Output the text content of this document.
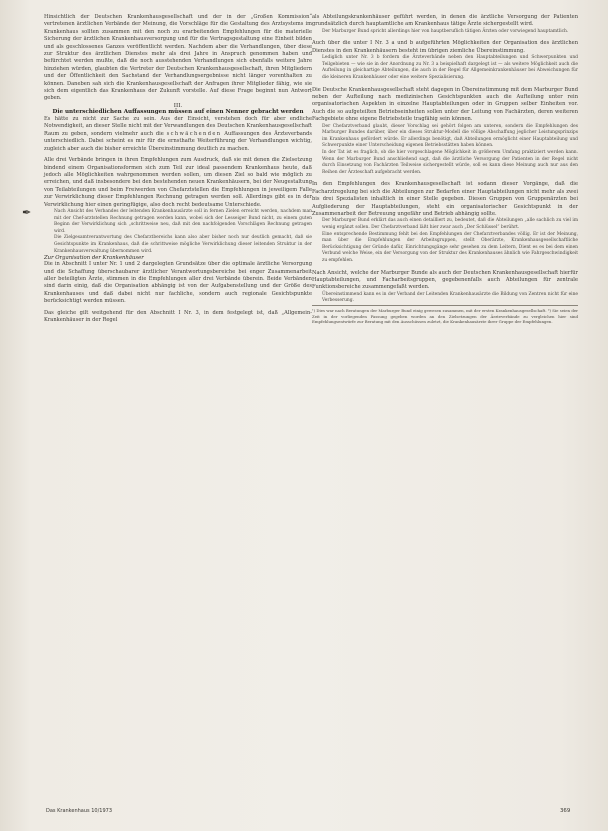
Hinsichtlich der Deutschen Krankenhausgesellschaft und der in der „Großen Kommission“ vertretenen ärztlichen Verbände der Meinung, die Vorschläge für die Gestaltung des Arztsystems im Krankenhaus sollten zusammen mit den noch zu erarbeitenden Empfehlungen für die materielle Sicherung der ärztlichen Krankenhausversorgung und für die Vertragsgestaltung eine Einheit bilden und als geschlossenes Ganzes veröffentlicht werden. Nachdem aber die Verhandlungen, über diese zur Struktur des ärztlichen Dienstes mehr als drei Jahre in Anspruch genommen haben und befürchtet werden mußte, daß die noch ausstehenden Verhandlungen sich ebenfalls weitere Jahre hinziehen würden, glaubten die Vertreter der Deutschen Krankenhausgesellschaft, ihren Mitgliedern und der Öffentlichkeit den Sachstand der Verhandlungsergebnisse nicht länger vorenthalten zu können. Daneben sah sich die Krankenhausgesellschaft der Anfragen ihrer Mitglieder fähig, wie sie sich dem eigentlich das Krankenhaus der Zukunft vorstelle. Auf diese Frage beginnt nun Antwort geben.

III.
Die unterschiedlichen Auffassungen müssen auf einen Nenner gebracht werden

Es hätte zu nicht zur Sache zu sein. Aus der Einsicht, verstehen doch für aber endliche Notwendigkeit, an dieser Stelle nicht mit der Verwandlungen des Deutschen Krankenhausgesellschaft Raum zu geben, sondern vielmehr auch die schwächenden Auffassungen des Ärzteverbands unterschiedlich. Dabei scheint es mir für die ernsthafte Weiterführung der Verhandlungen wichtig, zugleich aber auch die bisher erreichte Übereinstimmung deutlich zu machen.

Alle drei Verbände bringen in ihren Empfehlungen zum Ausdruck, daß sie mit denen die Zielsetzung bindend einem Organisationsformen sich zum Teil zur ideal passendem Krankenhaus heute, daß jedoch alle Möglichkeiten wahrgenommen werden sollen, um diesen Ziel so bald wie möglich zu erreichen, und daß insbesondere bei den bestehenden neuen Krankenhäusern, bei der Neugestaltung von Teilabteilungen und beim Freiwerden von Chefarztstellen die Empfehlungen in jeweiligem Falle zur Verwirklichung dieser Empfehlungen Rechnung getragen werden soll. Allerdings gibt es in der Verwirklichung hier einen geringfügige, also doch recht bedeutsame Unterschiede.

✒	Nach Ansicht des Verbandes der leitenden Krankenhausärzte soll in fernen Zielen erreicht werden, nachdem man mit der Chef-arztstellen Rechnung getragen werden kann, wobei sich der Lesseiger Bund nicht, zu einem guten Beginn der Verwirklichung sich „schrittweise neu, daß mit den nachfolgenden Vorschlägen Rechnung getragen wird.

Die Zielgesamtverantwortung des Chefarztbereichs kann also aber bisher noch nur deutlich gemacht, daß sie Gesichtspunkte im Krankenhaus, daß die schrittweise mögliche Verwirklichung dieser leitenden Struktur in der Krankenhausverwaltung übernommen wird.

Zur Organisation der Krankenhäuser

Die in Abschnitt I unter Nr. 1 und 2 dargelegten Grundsätze über die optimale ärztliche Versorgung und die Schaffung überschaubarer ärztlicher Verantwortungsbereiche bei enger Zusammenarbeit aller beteiligten Ärzte, stimmen in die Empfehlungen aller drei Verbände überein. Beide Verbänden sind darin einig, daß die Organisation abhängig ist von der Aufgabenstellung und der Größe des Krankenhauses und daß dabei nicht nur fachliche, sondern auch regionale Gesichtspunkte berücksichtigt werden müssen.

Das gleiche gilt weitgehend für den Abschnitt I Nr. 3, in dem festgelegt ist, daß „Allgemein-Krankenhäuser in der Regel

als Abteilungskrankenhäuser geführt werden, in denen die ärztliche Versorgung der Patienten grundsätzlich durch hauptamtliche am Krankenhaus tätige Ärzte sichergestellt wird.

Der Marburger Bund spricht allerdings hier von hauptberuflich tätigen Ärzten oder vorwiegend hauptamtlich.

Auch über die unter I Nr. 3 a und b aufgeführten Möglichkeiten der Organisation des ärztlichen Dienstes in den Krankenhäusern besteht im übrigen ziemliche Übereinstimmung.

Lediglich unter Nr. 3 b fordern die Ärzteverbände neben den Hauptabteilungen und Schwerpunkten und Teilgebieten — wie sie in der Anordnung zu Nr. 3 a beispielhaft dargelegt ist — als weitere Möglichkeit auch die Aufteilung in gleichartige Abteilungen, die auch in der Regel für Allgemeinkrankenhäuser bei Abweichungen für die kleineren Krankenhäuser oder eine weitere Spezialisierung.

Die Deutsche Krankenhausgesellschaft steht dagegen in Übereinstimmung mit dem Marburger Bund neben der Aufteilung nach medizinischen Gesichtspunkten auch die Aufteilung unter rein organisatorischen Aspekten in einzelne Hauptabteilungen oder in Gruppen selber Einheiten vor. Auch die so aufgeteilten Betriebseinheiten sollen unter der Leitung von Fachärzten, deren weiteren Fachgebiete ohne eigene Betriebsteile tragfähig sein können.

Der Chefarztverband glaubt, dieser Vorschlag sei gehört folgen am unteren, sondern die Empfehlungen des Marburger Bundes darüber, über ein dieses Struktur-Modell die völlige Abschaffung jeglicher Leistungsprinzips im Krankenhaus gefördert würde. Er allerdings benötigt, daß Abteilungen ermöglicht einer Hauptabteilung und Schwerpunkte einer Unterscheidung eigenen Betriebsstätten haben können.

In der Tat ist es fraglich, ob die hier vorgeschlagene Möglichkeit in größerem Umfang praktiziert werden kann. Wenn der Marburger Bund anschließend sagt, daß die ärztliche Versorgung der Patienten in der Regel nicht durch Einsetzung von Fachärzten Teilweise sichergestellt würde, soll es kann diese Meinung auch nur aus den Reihen der Ärzteschaft aufgebracht werden.

In den Empfehlungen des Krankenhausgesellschaft ist sodann dieser Vorgänge, daß die Facharztregelung bei sich die Abteilungen zur Bedarfen einer Hauptabteilungen nicht mehr als zwei bis drei Spezialisten inhaltlich in einer Stelle gegeben. Diesen Gruppen von Gruppenärzten bei Aufgliederung der Hauptabteilungen, steht ein organisatorischer Gesichtspunkt in der Zusammenarbeit der Betreuung ungefähr und Betrieb abhängig sollte.

Der Marburger Bund erklärt das auch einen detailliert zu, bedeutet, daß die Abteilungen „alle sachlich zu viel im wenig ergänzt sollen. Der Chefarztverband läßt hier zwar auch „Der Schlüssel“ berührt.

Eine entsprechende Bestimmung fehlt bei den Empfehlungen der Chefarztverbandes völlig. Er ist der Meinung, man über die Empfehlungen der Arbeitsgruppen, stellt Oberärzte, Krankenhausgesellschaftliche Berücksichtigung der Gründe dafür, Einrichtungsgänge sehr gesehen zu dem Leitern, Dient es es bei dem einen Verbund welche Weise, ein der Versorgung von der Struktur des Krankenhauses ähnlich wie Fahrgeschwindigkeit zu empfehlen.

Nach Ansicht, welche der Marburger Bunde als auch der Deutschen Krankenhausgesellschaft hierfür Hauptabteilungen, und Facharbeitsgruppen, gegebenenfalls auch Abteilungen für zentrale Funktionsbereiche zusammengefaßt werden.

Übereinstimmend kann es in der Verband der Leitenden Krankenhausärzte die Bildung von Zentren nicht für eine Verbesserung.

¹) Dies war nach Beratungen der Marburger Bund einig gewesen zusammen, mit der ersten Krankenhausgesellschaft. ²) Sie seien der Zeit in der vorliegenden Fassung gegeben worden an den Zielsetzungen der Ärzteverbände zu vergleichen hier sind Empfehlungsentwürfe zur Beratung mit den Ausschüssen zuletzt, die Krankenhausärzte ihrer Gruppe der Empfehlungen.
Das Krankenhaus 10/1973	369
